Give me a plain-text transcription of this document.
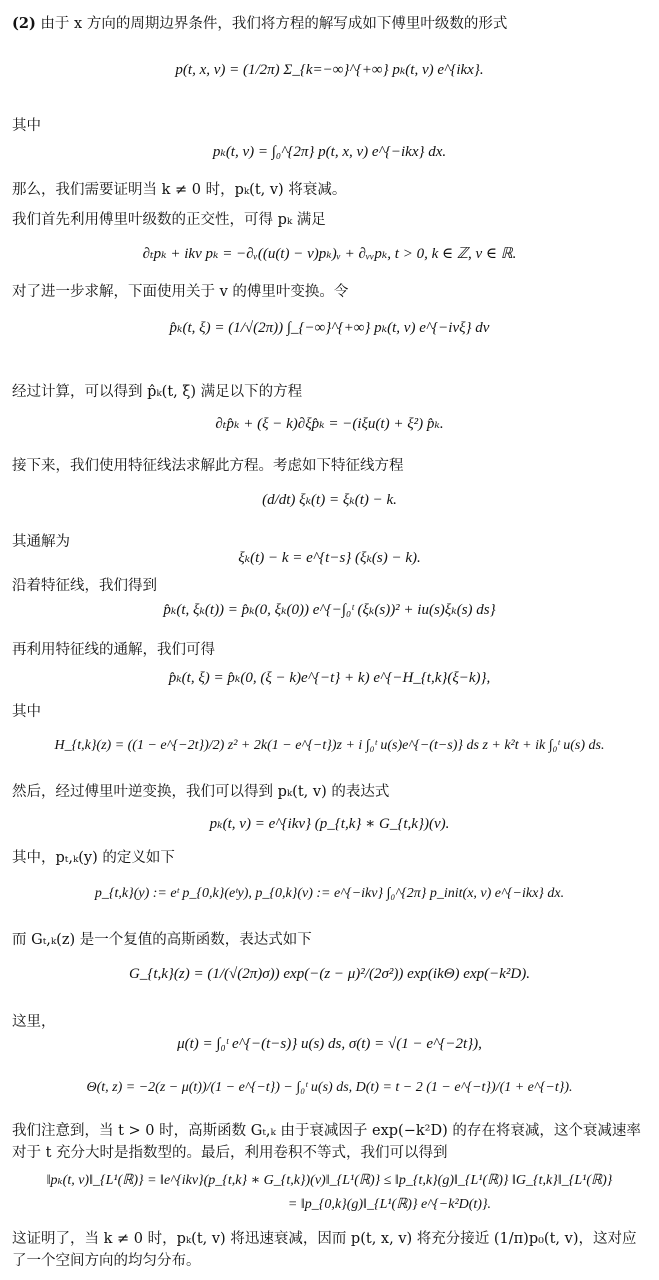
(2) 由于 x 方向的周期边界条件，我们将方程的解写成如下傅里叶级数的形式
p(t, x, v) = (1/2π) Σ_{k=−∞}^{+∞} pₖ(t, v) e^{ikx}.
其中
pₖ(t, v) = ∫₀^{2π} p(t, x, v) e^{−ikx} dx.
那么，我们需要证明当 k ≠ 0 时，pₖ(t, v) 将衰减。
我们首先利用傅里叶级数的正交性，可得 pₖ 满足
∂ₜpₖ + ikv pₖ = −∂ᵥ((u(t) − v)pₖ)ᵥ + ∂ᵥᵥpₖ, t > 0, k ∈ ℤ, v ∈ ℝ.
对了进一步求解，下面使用关于 v 的傅里叶变换。令
p̂ₖ(t, ξ) = (1/√(2π)) ∫_{−∞}^{+∞} pₖ(t, v) e^{−ivξ} dv
经过计算，可以得到 p̂ₖ(t, ξ) 满足以下的方程
∂ₜp̂ₖ + (ξ − k)∂ξp̂ₖ = −(iξu(t) + ξ²) p̂ₖ.
接下来，我们使用特征线法求解此方程。考虑如下特征线方程
(d/dt) ξₖ(t) = ξₖ(t) − k.
其通解为
ξₖ(t) − k = e^{t−s} (ξₖ(s) − k).
沿着特征线，我们得到
p̂ₖ(t, ξₖ(t)) = p̂ₖ(0, ξₖ(0)) e^{−∫₀ᵗ (ξₖ(s))² + iu(s)ξₖ(s) ds}
再利用特征线的通解，我们可得
p̂ₖ(t, ξ) = p̂ₖ(0, (ξ − k)e^{−t} + k) e^{−H_{t,k}(ξ−k)},
其中
H_{t,k}(z) = ((1 − e^{−2t})/2) z² + 2k(1 − e^{−t})z + i ∫₀ᵗ u(s)e^{−(t−s)} ds z + k²t + ik ∫₀ᵗ u(s) ds.
然后，经过傅里叶逆变换，我们可以得到 pₖ(t, v) 的表达式
pₖ(t, v) = e^{ikv} (p_{t,k} ∗ G_{t,k})(v).
其中，pₜ,ₖ(y) 的定义如下
p_{t,k}(y) := eᵗ p_{0,k}(eᵗy), p_{0,k}(v) := e^{−ikv} ∫₀^{2π} p_init(x, v) e^{−ikx} dx.
而 Gₜ,ₖ(z) 是一个复值的高斯函数，表达式如下
G_{t,k}(z) = (1/(√(2π)σ)) exp(−(z − μ)²/(2σ²)) exp(ikΘ) exp(−k²D).
这里，
μ(t) = ∫₀ᵗ e^{−(t−s)} u(s) ds, σ(t) = √(1 − e^{−2t}),
Θ(t, z) = −2(z − μ(t))/(1 − e^{−t}) − ∫₀ᵗ u(s) ds, D(t) = t − 2 (1 − e^{−t})/(1 + e^{−t}).
我们注意到，当 t > 0 时，高斯函数 Gₜ,ₖ 由于衰减因子 exp(−k²D) 的存在将衰减，这个衰减速率对于 t 充分大时是指数型的。最后，利用卷积不等式，我们可以得到
‖pₖ(t, v)‖_{L¹(ℝ)} = ‖e^{ikv}(p_{t,k} ∗ G_{t,k})(v)‖_{L¹(ℝ)} ≤ ‖p_{t,k}(g)‖_{L¹(ℝ)} ‖G_{t,k}‖_{L¹(ℝ)}
= ‖p_{0,k}(g)‖_{L¹(ℝ)} e^{−k²D(t)}.
这证明了，当 k ≠ 0 时，pₖ(t, v) 将迅速衰减，因而 p(t, x, v) 将充分接近 (1/π)p₀(t, v)，这对应了一个空间方向的均匀分布。
